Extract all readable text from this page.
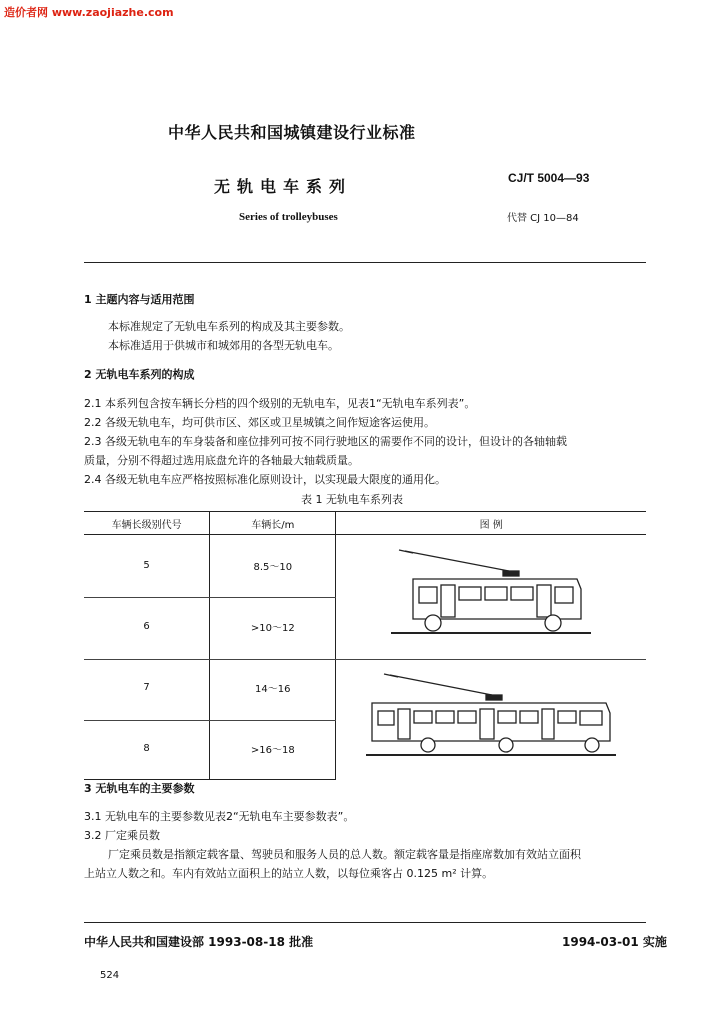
造价者网 www.zaojiazhe.com
中华人民共和国城镇建设行业标准
无轨电车系列	CJ/T 5004—93
Series of trolleybuses	代替 CJ 10—84
1 主题内容与适用范围
本标准规定了无轨电车系列的构成及其主要参数。
本标准适用于供城市和城郊用的各型无轨电车。
2 无轨电车系列的构成
2.1 本系列包含按车辆长分档的四个级别的无轨电车，见表1“无轨电车系列表”。
2.2 各级无轨电车，均可供市区、郊区或卫星城镇之间作短途客运使用。
2.3 各级无轨电车的车身装备和座位排列可按不同行驶地区的需要作不同的设计，但设计的各轴轴载
质量，分别不得超过选用底盘允许的各轴最大轴载质量。
2.4 各级无轨电车应严格按照标准化原则设计，以实现最大限度的通用化。
表 1 无轨电车系列表
车辆长级别代号	车辆长/m	图 例
5	8.5～10	
6	>10～12	
7	14～16	
8	>16～18	
3 无轨电车的主要参数
3.1 无轨电车的主要参数见表2“无轨电车主要参数表”。
3.2 厂定乘员数
厂定乘员数是指额定载客量、驾驶员和服务人员的总人数。额定载客量是指座席数加有效站立面积
上站立人数之和。车内有效站立面积上的站立人数，以每位乘客占 0.125 m² 计算。
中华人民共和国建设部 1993-08-18 批准	1994-03-01 实施
524
